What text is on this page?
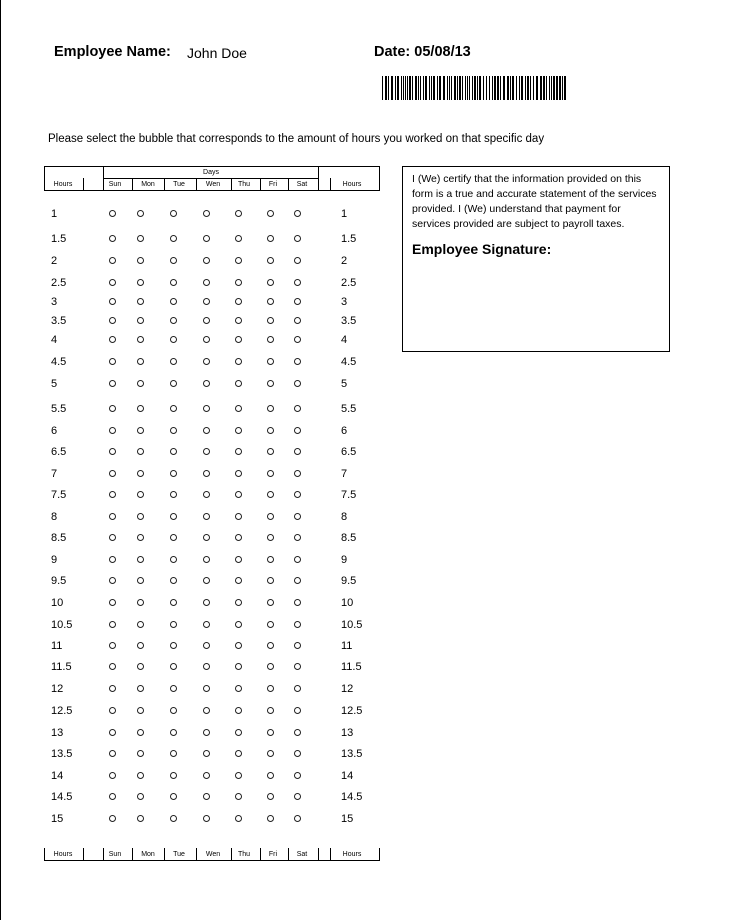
Employee Name: John Doe	Date: 05/08/13
Please select the bubble that corresponds to the amount of hours you worked on that specific day
Days
Hours	Sun	Mon	Tue	Wen	Thu	Fri	Sat	Hours
1	1
1.5	1.5
2	2
2.5	2.5
3	3
3.5	3.5
4	4
4.5	4.5
5	5
5.5	5.5
6	6
6.5	6.5
7	7
7.5	7.5
8	8
8.5	8.5
9	9
9.5	9.5
10	10
10.5	10.5
11	11
11.5	11.5
12	12
12.5	12.5
13	13
13.5	13.5
14	14
14.5	14.5
15	15
Hours	Sun	Mon	Tue	Wen	Thu	Fri	Sat	Hours
I (We) certify that the information provided on this form is a true and accurate statement of the services provided. I (We) understand that payment for services provided are subject to payroll taxes.
Employee Signature:
